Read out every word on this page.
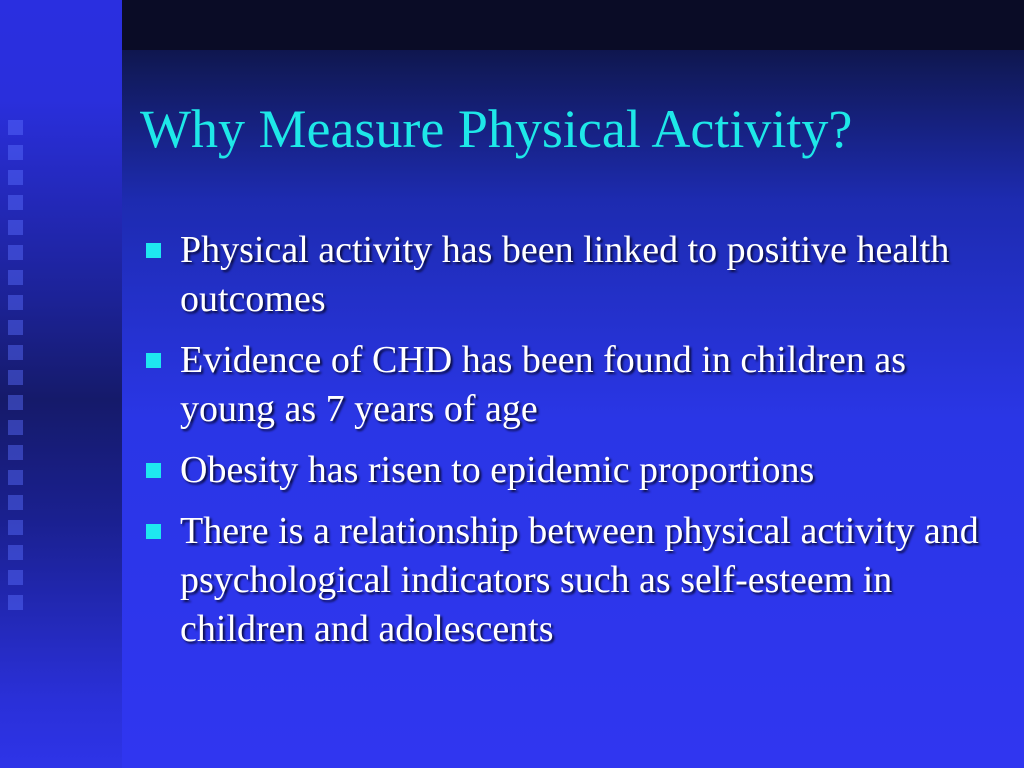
Why Measure Physical Activity?
Physical activity has been linked to positive health outcomes
Evidence of CHD has been found in children as young as 7 years of age
Obesity has risen to epidemic proportions
There is a relationship between physical activity and psychological indicators such as self-esteem in children and adolescents
